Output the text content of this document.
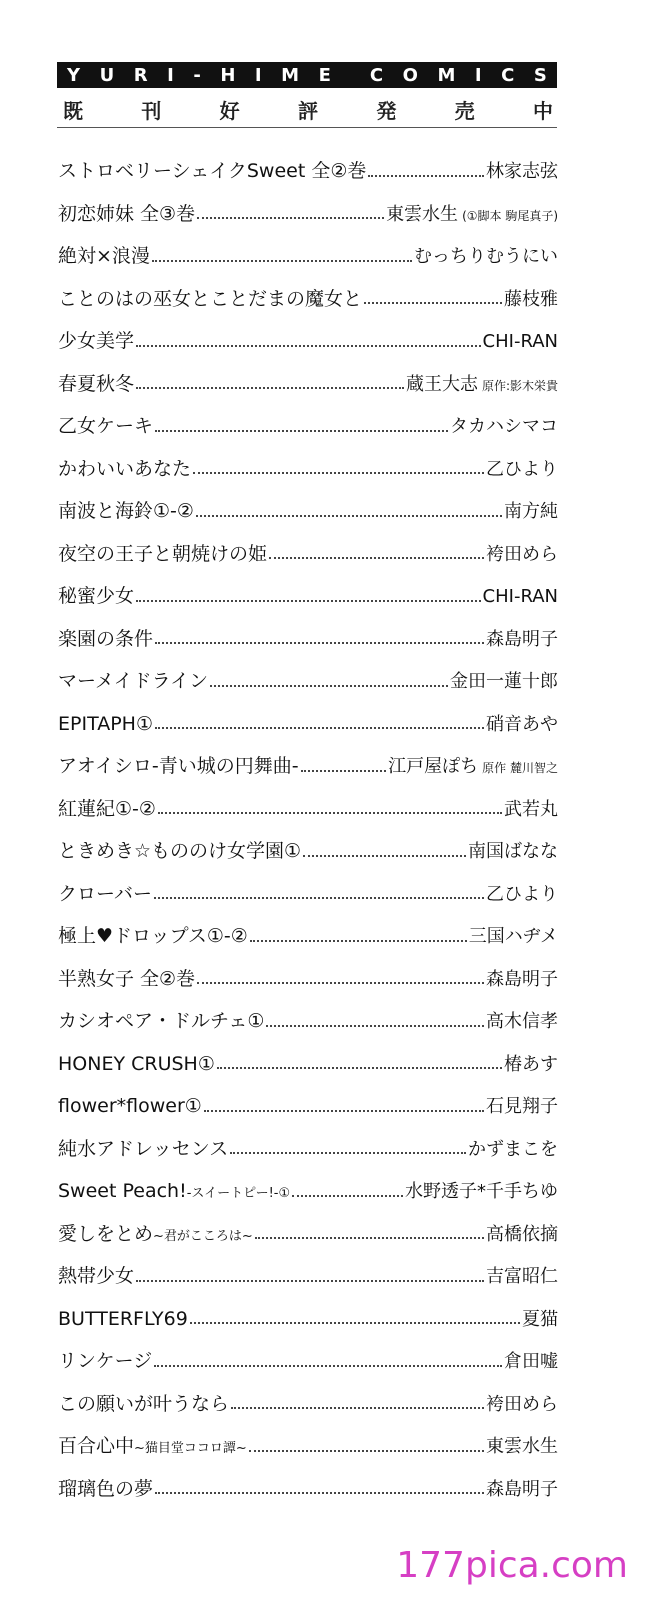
Y U R I - H I M E C O M I C S
既	刊	好	評	発	売	中
ストロベリーシェイクSweet 全②巻	林家志弦
初恋姉妹 全③巻	東雲水生 (①脚本 駒尾真子)
絶対×浪漫	むっちりむうにい
ことのはの巫女とことだまの魔女と	藤枝雅
少女美学	CHI-RAN
春夏秋冬	蔵王大志 原作:影木栄貴
乙女ケーキ	タカハシマコ
かわいいあなた	乙ひより
南波と海鈴①-②	南方純
夜空の王子と朝焼けの姫	袴田めら
秘蜜少女	CHI-RAN
楽園の条件	森島明子
マーメイドライン	金田一蓮十郎
EPITAPH①	硝音あや
アオイシロ-青い城の円舞曲-	江戸屋ぽち 原作 麓川智之
紅蓮紀①-②	武若丸
ときめき☆もののけ女学園①	南国ばなな
クローバー	乙ひより
極上♥ドロップス①-②	三国ハヂメ
半熟女子 全②巻	森島明子
カシオペア・ドルチェ①	高木信孝
HONEY CRUSH①	椿あす
flower*flower①	石見翔子
純水アドレッセンス	かずまこを
Sweet Peach!-スイートピー!-①	水野透子*千手ちゆ
愛しをとめ~君がこころは~	高橋依摘
熱帯少女	吉富昭仁
BUTTERFLY69	夏猫
リンケージ	倉田嘘
この願いが叶うなら	袴田めら
百合心中~猫目堂ココロ譚~	東雲水生
瑠璃色の夢	森島明子
177pica.com
